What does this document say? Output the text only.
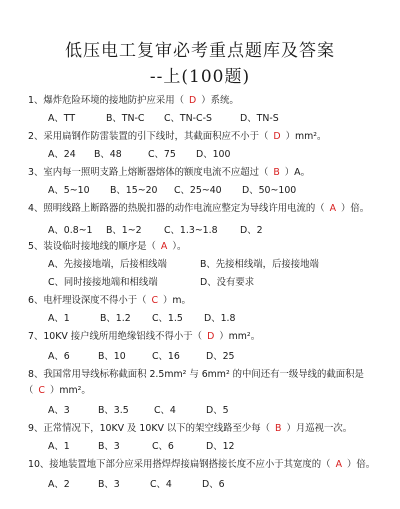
低压电工复审必考重点题库及答案
--上(100题)
1、爆炸危险环境的接地防护应采用（ D ）系统。
A、TT	B、TN-C C、TN-C-S	D、TN-S
2、采用扁钢作防雷装置的引下线时，其截面积应不小于（ D ）mm²。
A、24 B、48	C、75 D、100
3、室内每一照明支路上熔断器熔体的额度电流不应超过（ B ）A。
A、5~10 B、15~20 C、25~40 D、50~100
4、照明线路上断路器的热脱扣器的动作电流应整定为导线许用电流的（ A ）倍。
A、0.8~1 B、1~2 C、1.3~1.8 D、2
5、装设临时接地线的顺序是（ A ）。
A、先接接地端，后接相线端	B、先接相线端，后接接地端
C、同时接接地端和相线端	D、没有要求
6、电杆埋设深度不得小于（ C ）m。
A、1	B、1.2 C、1.5 D、1.8
7、10KV 接户线所用绝缘铝线不得小于（ D ）mm²。
A、6	B、10	C、16	D、25
8、我国常用导线标称截面积 2.5mm² 与 6mm² 的中间还有一级导线的截面积是
（ C ）mm²。
A、3	B、3.5	C、4	D、5
9、正常情况下，10KV 及 10KV 以下的架空线路至少每（ B ）月巡视一次。
A、1	B、3	C、6	D、12
10、接地装置地下部分应采用搭焊焊接扁钢搭接长度不应小于其宽度的（ A ）倍。
A、2	B、3	C、4	D、6
